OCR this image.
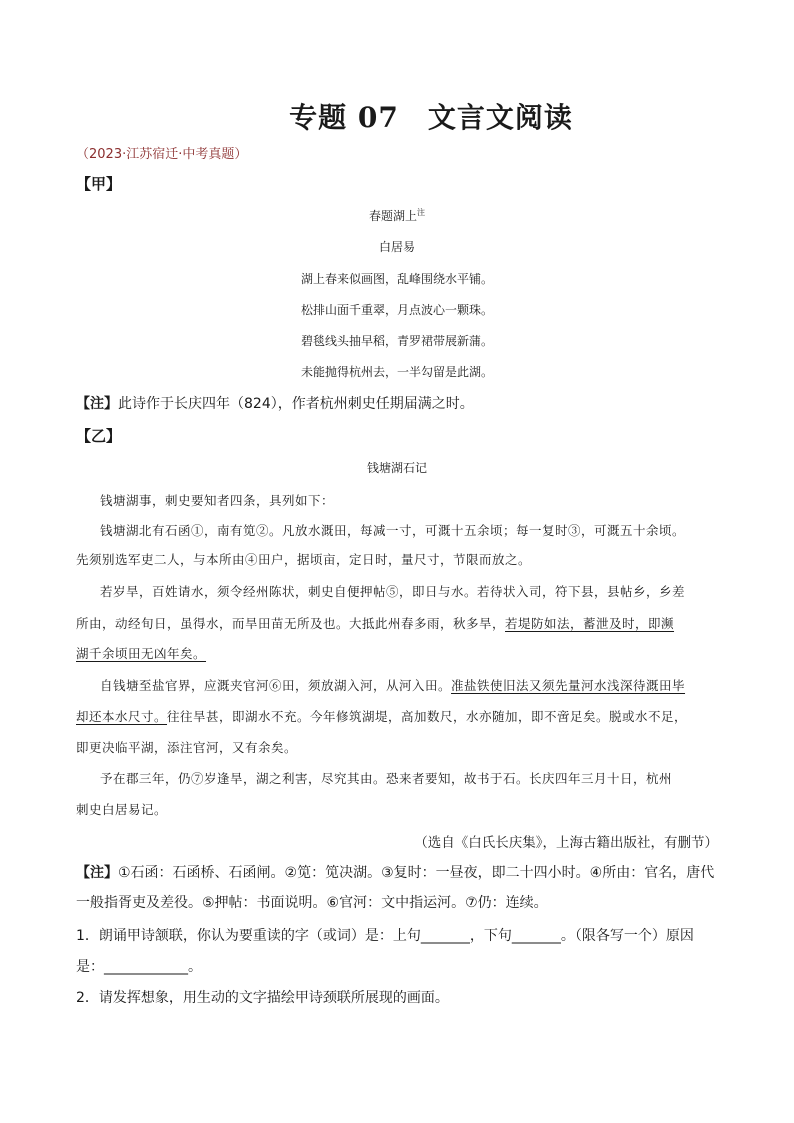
专题 07　文言文阅读
（2023·江苏宿迁·中考真题）
【甲】
春题湖上$^注$
白居易
湖上春来似画图，乱峰围绕水平铺。
松排山面千重翠，月点波心一颗珠。
碧毯线头抽早稻，青罗裙带展新蒲。
未能抛得杭州去，一半勾留是此湖。
【注】此诗作于长庆四年（824），作者杭州刺史任期届满之时。
【乙】
钱塘湖石记
钱塘湖事，刺史要知者四条，具列如下：
钱塘湖北有石函①，南有笕②。凡放水溉田，每减一寸，可溉十五余顷；每一复时③，可溉五十余顷。
先须别选军吏二人，与本所由④田户，据顷亩，定日时，量尺寸，节限而放之。
若岁旱，百姓请水，须令经州陈状，刺史自便押帖⑤，即日与水。若待状入司，符下县，县帖乡，乡差
所由，动经旬日，虽得水，而旱田苗无所及也。大抵此州春多雨，秋多旱，若堤防如法，蓄泄及时，即濒
湖千余顷田无凶年矣。
自钱塘至盐官界，应溉夹官河⑥田，须放湖入河，从河入田。准盐铁使旧法又须先量河水浅深待溉田毕
却还本水尺寸。往往旱甚，即湖水不充。今年修筑湖堤，高加数尺，水亦随加，即不啻足矣。脱或水不足，
即更决临平湖，添注官河，又有余矣。
予在郡三年，仍⑦岁逢旱，湖之利害，尽究其由。恐来者要知，故书于石。长庆四年三月十日，杭州
刺史白居易记。
（选自《白氏长庆集》，上海古籍出版社，有删节）
【注】①石函：石函桥、石函闸。②笕：笕决湖。③复时：一昼夜，即二十四小时。④所由：官名，唐代
一般指胥吏及差役。⑤押帖：书面说明。⑥官河：文中指运河。⑦仍：连续。
1．朗诵甲诗颔联，你认为要重读的字（或词）是：上句_______，下句_______。（限各写一个）原因
是：____________。
2．请发挥想象，用生动的文字描绘甲诗颈联所展现的画面。
